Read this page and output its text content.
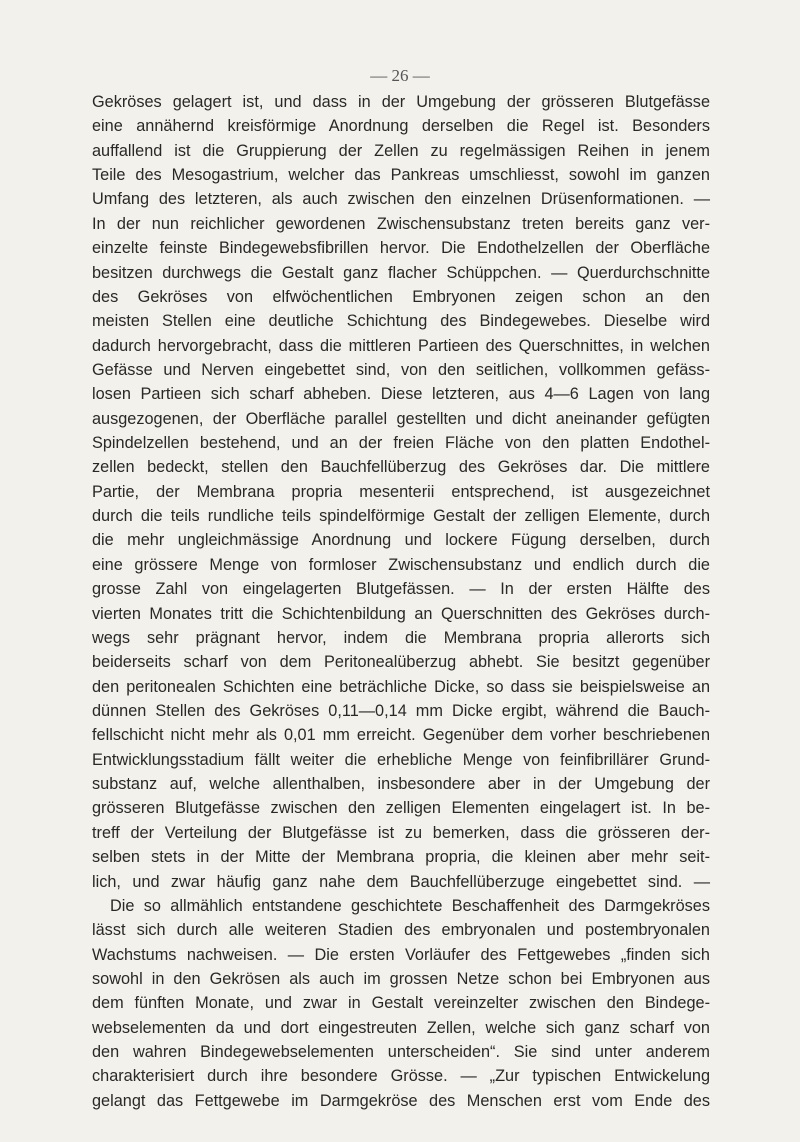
— 26 —
Gekröses gelagert ist, und dass in der Umgebung der grösseren Blutgefässe
eine annähernd kreisförmige Anordnung derselben die Regel ist. Besonders
auffallend ist die Gruppierung der Zellen zu regelmässigen Reihen in jenem
Teile des Mesogastrium, welcher das Pankreas umschliesst, sowohl im ganzen
Umfang des letzteren, als auch zwischen den einzelnen Drüsenformationen. —
In der nun reichlicher gewordenen Zwischensubstanz treten bereits ganz ver-
einzelte feinste Bindegewebsfibrillen hervor. Die Endothelzellen der Oberfläche
besitzen durchwegs die Gestalt ganz flacher Schüppchen. — Querdurchschnitte
des Gekröses von elfwöchentlichen Embryonen zeigen schon an den
meisten Stellen eine deutliche Schichtung des Bindegewebes. Dieselbe wird
dadurch hervorgebracht, dass die mittleren Partieen des Querschnittes, in welchen
Gefässe und Nerven eingebettet sind, von den seitlichen, vollkommen gefäss-
losen Partieen sich scharf abheben. Diese letzteren, aus 4—6 Lagen von lang
ausgezogenen, der Oberfläche parallel gestellten und dicht aneinander gefügten
Spindelzellen bestehend, und an der freien Fläche von den platten Endothel-
zellen bedeckt, stellen den Bauchfellüberzug des Gekröses dar. Die mittlere
Partie, der Membrana propria mesenterii entsprechend, ist ausgezeichnet
durch die teils rundliche teils spindelförmige Gestalt der zelligen Elemente, durch
die mehr ungleichmässige Anordnung und lockere Fügung derselben, durch
eine grössere Menge von formloser Zwischensubstanz und endlich durch die
grosse Zahl von eingelagerten Blutgefässen. — In der ersten Hälfte des
vierten Monates tritt die Schichtenbildung an Querschnitten des Gekröses durch-
wegs sehr prägnant hervor, indem die Membrana propria allerorts sich
beiderseits scharf von dem Peritonealüberzug abhebt. Sie besitzt gegenüber
den peritonealen Schichten eine beträchliche Dicke, so dass sie beispielsweise an
dünnen Stellen des Gekröses 0,11—0,14 mm Dicke ergibt, während die Bauch-
fellschicht nicht mehr als 0,01 mm erreicht. Gegenüber dem vorher beschriebenen
Entwicklungsstadium fällt weiter die erhebliche Menge von feinfibrillärer Grund-
substanz auf, welche allenthalben, insbesondere aber in der Umgebung der
grösseren Blutgefässe zwischen den zelligen Elementen eingelagert ist. In be-
treff der Verteilung der Blutgefässe ist zu bemerken, dass die grösseren der-
selben stets in der Mitte der Membrana propria, die kleinen aber mehr seit-
lich, und zwar häufig ganz nahe dem Bauchfellüberzuge eingebettet sind. —
Die so allmählich entstandene geschichtete Beschaffenheit des Darmgekröses
lässt sich durch alle weiteren Stadien des embryonalen und postembryonalen
Wachstums nachweisen. — Die ersten Vorläufer des Fettgewebes „finden sich
sowohl in den Gekrösen als auch im grossen Netze schon bei Embryonen aus
dem fünften Monate, und zwar in Gestalt vereinzelter zwischen den Bindege-
webselementen da und dort eingestreuten Zellen, welche sich ganz scharf von
den wahren Bindegewebselementen unterscheiden“. Sie sind unter anderem
charakterisiert durch ihre besondere Grösse. — „Zur typischen Entwickelung
gelangt das Fettgewebe im Darmgekröse des Menschen erst vom Ende des
